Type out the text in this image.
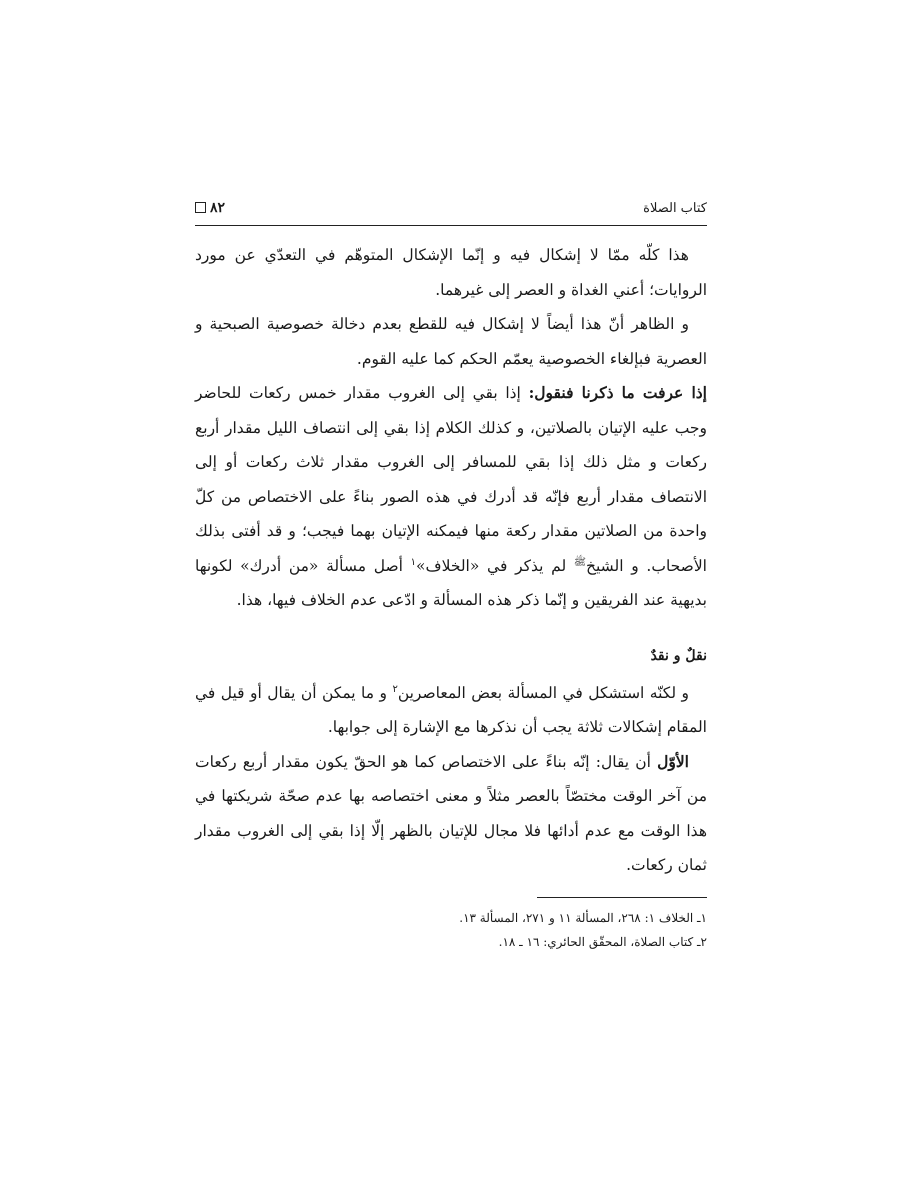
كتاب الصلاة
٨٢

هذا كلّه ممّا لا إشكال فيه و إنّما الإشكال المتوهّم في التعدّي عن مورد الروايات؛ أعني الغداة و العصر إلى غيرهما.

و الظاهر أنّ هذا أيضاً لا إشكال فيه للقطع بعدم دخالة خصوصية الصبحية و العصرية فبإلغاء الخصوصية يعمّم الحكم كما عليه القوم.

إذا عرفت ما ذكرنا فنقول: إذا بقي إلى الغروب مقدار خمس ركعات للحاضر وجب عليه الإتيان بالصلاتين، و كذلك الكلام إذا بقي إلى انتصاف الليل مقدار أربع ركعات و مثل ذلك إذا بقي للمسافر إلى الغروب مقدار ثلاث ركعات أو إلى الانتصاف مقدار أربع فإنّه قد أدرك في هذه الصور بناءً على الاختصاص من كلّ واحدة من الصلاتين مقدار ركعة منها فيمكنه الإتيان بهما فيجب؛ و قد أفتى بذلك الأصحاب. و الشيخ$^ﷺ$ لم يذكر في «الخلاف»$^١$ أصل مسألة «من أدرك» لكونها بديهية عند الفريقين و إنّما ذكر هذه المسألة و ادّعى عدم الخلاف فيها، هذا.

نقلٌ و نقدٌ

و لكنّه استشكل في المسألة بعض المعاصرين$^٢$ و ما يمكن أن يقال أو قيل في المقام إشكالات ثلاثة يجب أن نذكرها مع الإشارة إلى جوابها.

الأوّل أن يقال: إنّه بناءً على الاختصاص كما هو الحقّ يكون مقدار أربع ركعات من آخر الوقت مختصّاً بالعصر مثلاً و معنى اختصاصه بها عدم صحّة شريكتها في هذا الوقت مع عدم أدائها فلا مجال للإتيان بالظهر إلّا إذا بقي إلى الغروب مقدار ثمان ركعات.

١ـ الخلاف ١: ٢٦٨، المسألة ١١ و ٢٧١، المسألة ١٣.

٢ـ كتاب الصلاة، المحقّق الحائري: ١٦ ـ ١٨.
